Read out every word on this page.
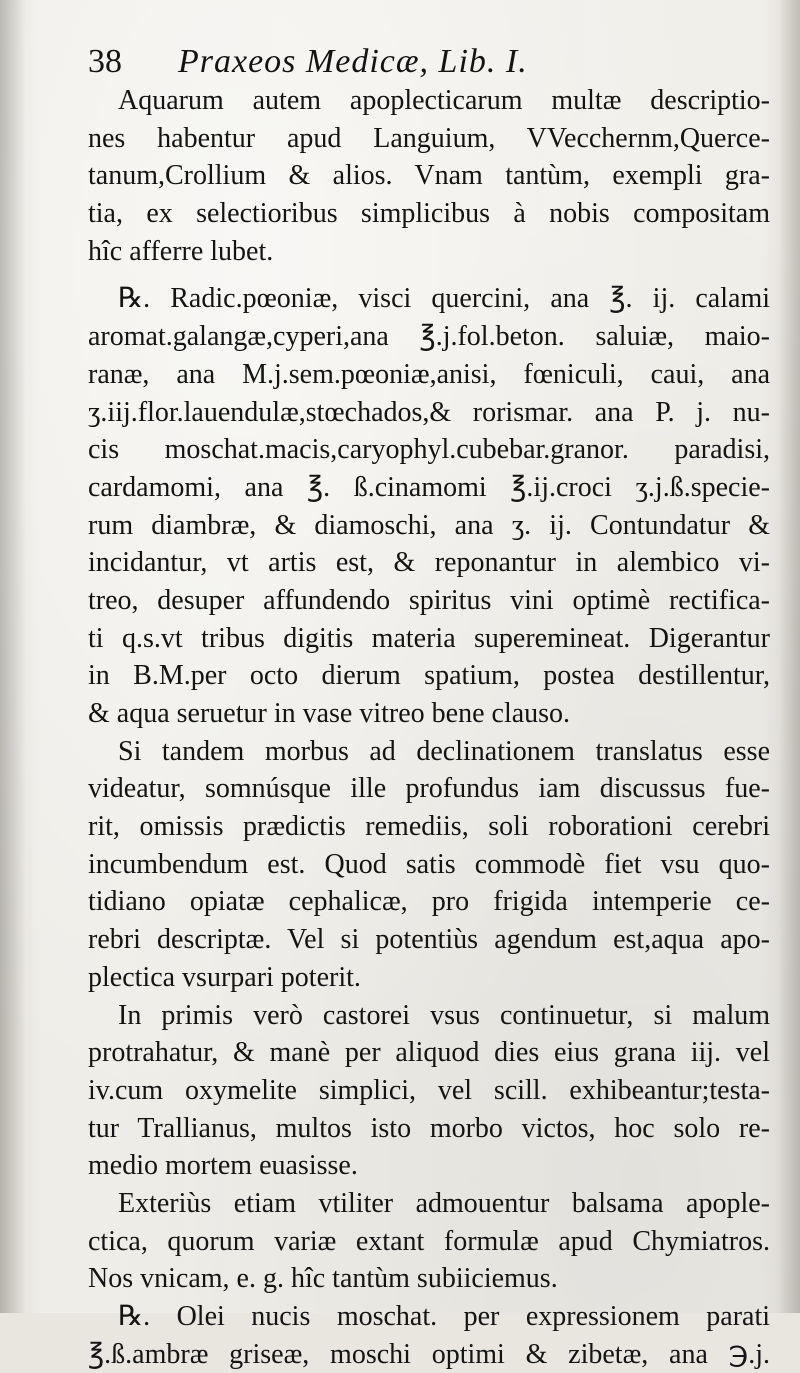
38 Praxeos Medicæ, Lib. I.
Aquarum autem apoplecticarum multæ descriptio-
nes habentur apud Languium, VVecchernm,Querce-
tanum,Crollium & alios. Vnam tantùm, exempli gra-
tia, ex selectioribus simplicibus à nobis compositam
hîc afferre lubet.
℞. Radic.pœoniæ, visci quercini, ana ℥. ij. calami
aromat.galangæ,cyperi,ana ℥.j.fol.beton. saluiæ, maio-
ranæ, ana M.j.sem.pœoniæ,anisi, fœniculi, caui, ana
ʒ.iij.flor.lauendulæ,stœchados,& rorismar. ana P. j. nu-
cis moschat.macis,caryophyl.cubebar.granor. paradisi,
cardamomi, ana ℥. ß.cinamomi ℥.ij.croci ʒ.j.ß.specie-
rum diambræ, & diamoschi, ana ʒ. ij. Contundatur &
incidantur, vt artis est, & reponantur in alembico vi-
treo, desuper affundendo spiritus vini optimè rectifica-
ti q.s.vt tribus digitis materia superemineat. Digerantur
in B.M.per octo dierum spatium, postea destillentur,
& aqua seruetur in vase vitreo bene clauso.
Si tandem morbus ad declinationem translatus esse
videatur, somnúsque ille profundus iam discussus fue-
rit, omissis prædictis remediis, soli roborationi cerebri
incumbendum est. Quod satis commodè fiet vsu quo-
tidiano opiatæ cephalicæ, pro frigida intemperie ce-
rebri descriptæ. Vel si potentiùs agendum est,aqua apo-
plectica vsurpari poterit.
In primis verò castorei vsus continuetur, si malum
protrahatur, & manè per aliquod dies eius grana iij. vel
iv.cum oxymelite simplici, vel scill. exhibeantur;testa-
tur Trallianus, multos isto morbo victos, hoc solo re-
medio mortem euasisse.
Exteriùs etiam vtiliter admouentur balsama apople-
ctica, quorum variæ extant formulæ apud Chymiatros.
Nos vnicam, e. g. hîc tantùm subiiciemus.
℞. Olei nucis moschat. per expressionem parati
℥.ß.ambræ griseæ, moschi optimi & zibetæ, ana ℈.j.
